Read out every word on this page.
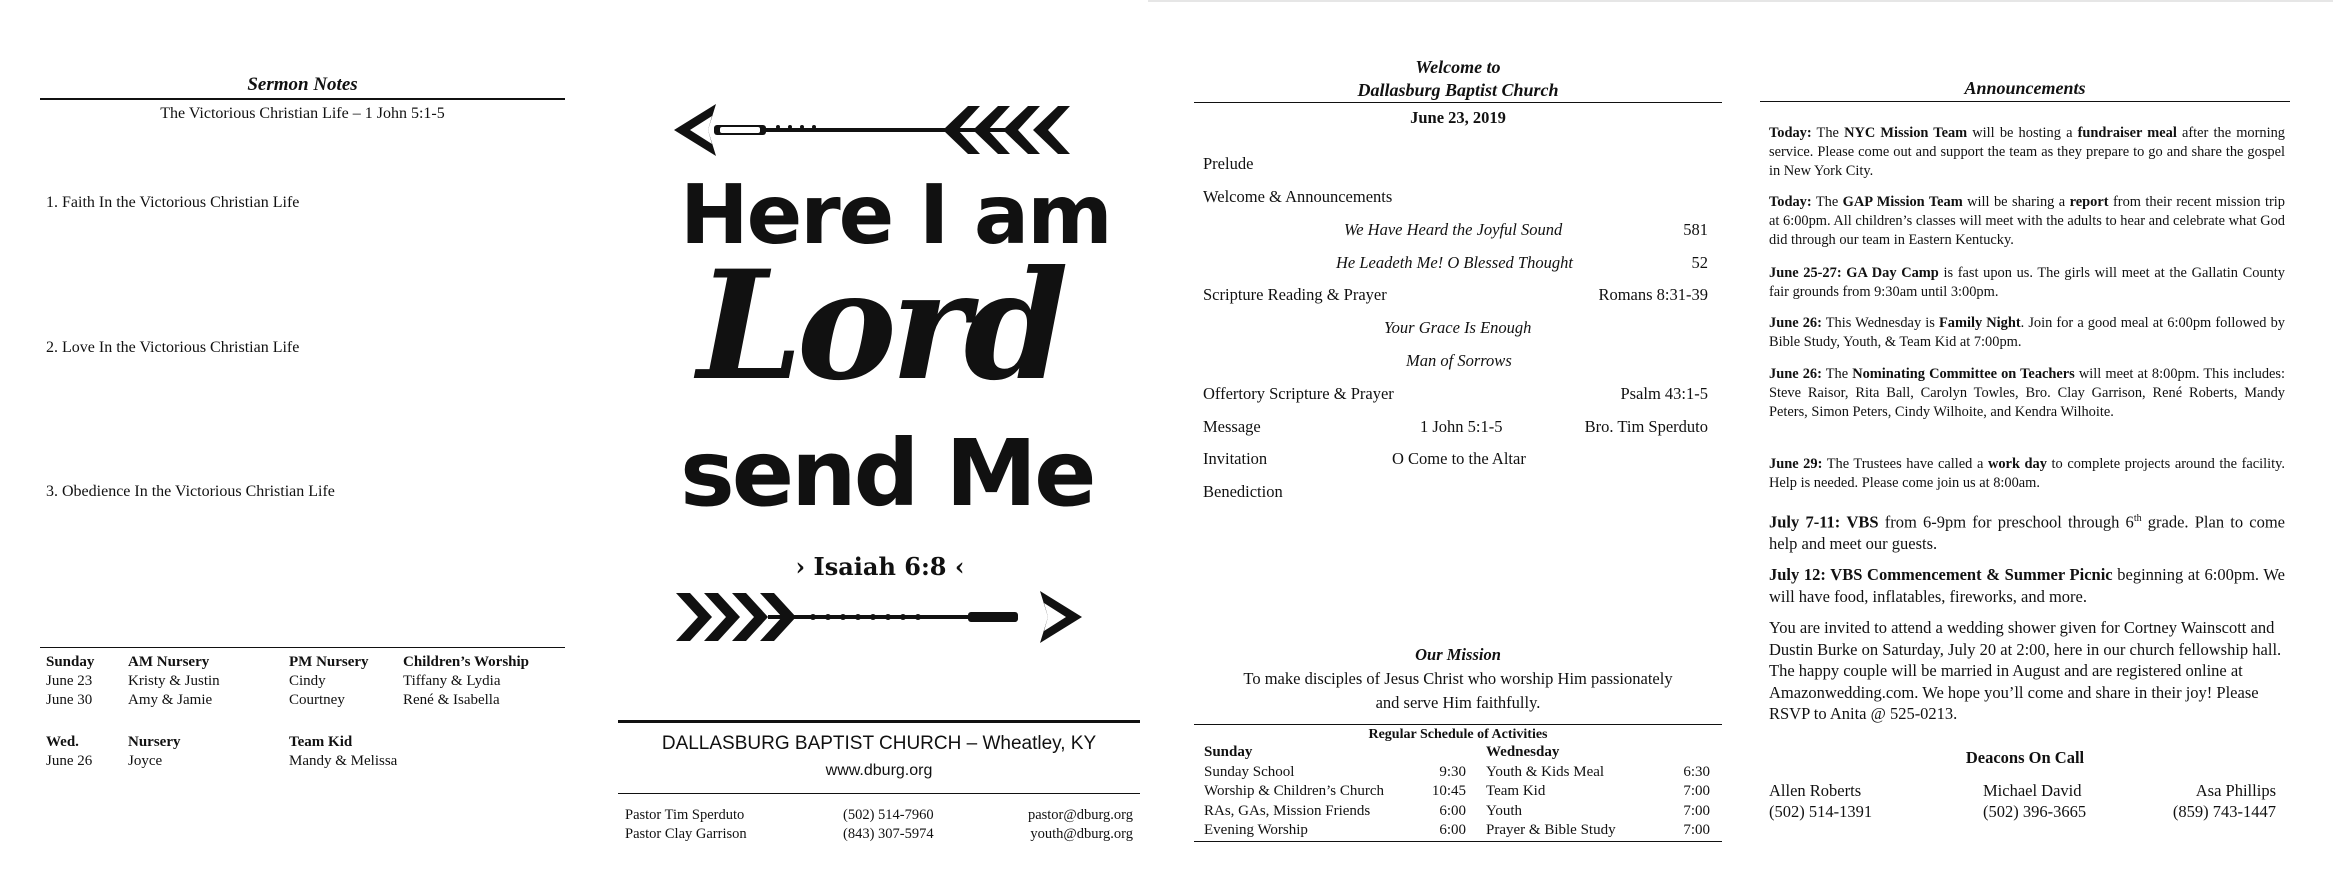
Sermon Notes
The Victorious Christian Life – 1 John 5:1-5
1. Faith In the Victorious Christian Life
2. Love In the Victorious Christian Life
3. Obedience In the Victorious Christian Life
Sunday	AM Nursery	PM Nursery	Children’s Worship
June 23	Kristy & Justin	Cindy	Tiffany & Lydia
June 30	Amy & Jamie	Courtney	René & Isabella
Wed.	Nursery	Team Kid
June 26	Joyce	Mandy & Melissa
Here I am
Lord
send Me
› Isaiah 6:8 ‹
DALLASBURG BAPTIST CHURCH – Wheatley, KY
www.dburg.org
Pastor Tim Sperduto	(502) 514-7960	pastor@dburg.org
Pastor Clay Garrison	(843) 307-5974	youth@dburg.org
Welcome to
Dallasburg Baptist Church
June 23, 2019
Prelude
Welcome & Announcements
We Have Heard the Joyful Sound	581
He Leadeth Me! O Blessed Thought	52
Scripture Reading & Prayer	Romans 8:31-39
Your Grace Is Enough
Man of Sorrows
Offertory Scripture & Prayer	Psalm 43:1-5
Message	1 John 5:1-5	Bro. Tim Sperduto
Invitation	O Come to the Altar
Benediction
Our Mission
To make disciples of Jesus Christ who worship Him passionately
and serve Him faithfully.
Regular Schedule of Activities
Sunday	
Sunday School	9:30
Worship & Children’s Church	10:45
RAs, GAs, Mission Friends	6:00
Evening Worship	6:00
Wednesday	
Youth & Kids Meal	6:30
Team Kid	7:00
Youth	7:00
Prayer & Bible Study	7:00
Announcements
Today: The NYC Mission Team will be hosting a fundraiser meal after the morning service. Please come out and support the team as they prepare to go and share the gospel in New York City.
Today: The GAP Mission Team will be sharing a report from their recent mission trip at 6:00pm. All children’s classes will meet with the adults to hear and celebrate what God did through our team in Eastern Kentucky.
June 25-27: GA Day Camp is fast upon us. The girls will meet at the Gallatin County fair grounds from 9:30am until 3:00pm.
June 26: This Wednesday is Family Night. Join for a good meal at 6:00pm followed by Bible Study, Youth, & Team Kid at 7:00pm.
June 26: The Nominating Committee on Teachers will meet at 8:00pm. This includes: Steve Raisor, Rita Ball, Carolyn Towles, Bro. Clay Garrison, René Roberts, Mandy Peters, Simon Peters, Cindy Wilhoite, and Kendra Wilhoite.
June 29: The Trustees have called a work day to complete projects around the facility. Help is needed. Please come join us at 8:00am.
July 7-11: VBS from 6-9pm for preschool through 6th grade. Plan to come help and meet our guests.
July 12: VBS Commencement & Summer Picnic beginning at 6:00pm. We will have food, inflatables, fireworks, and more.
You are invited to attend a wedding shower given for Cortney Wainscott and Dustin Burke on Saturday, July 20 at 2:00, here in our church fellowship hall. The happy couple will be married in August and are registered online at Amazonwedding.com. We hope you’ll come and share in their joy! Please RSVP to Anita @ 525-0213.
Deacons On Call
Allen Roberts
(502) 514-1391
Michael David
(502) 396-3665
Asa Phillips
(859) 743-1447
